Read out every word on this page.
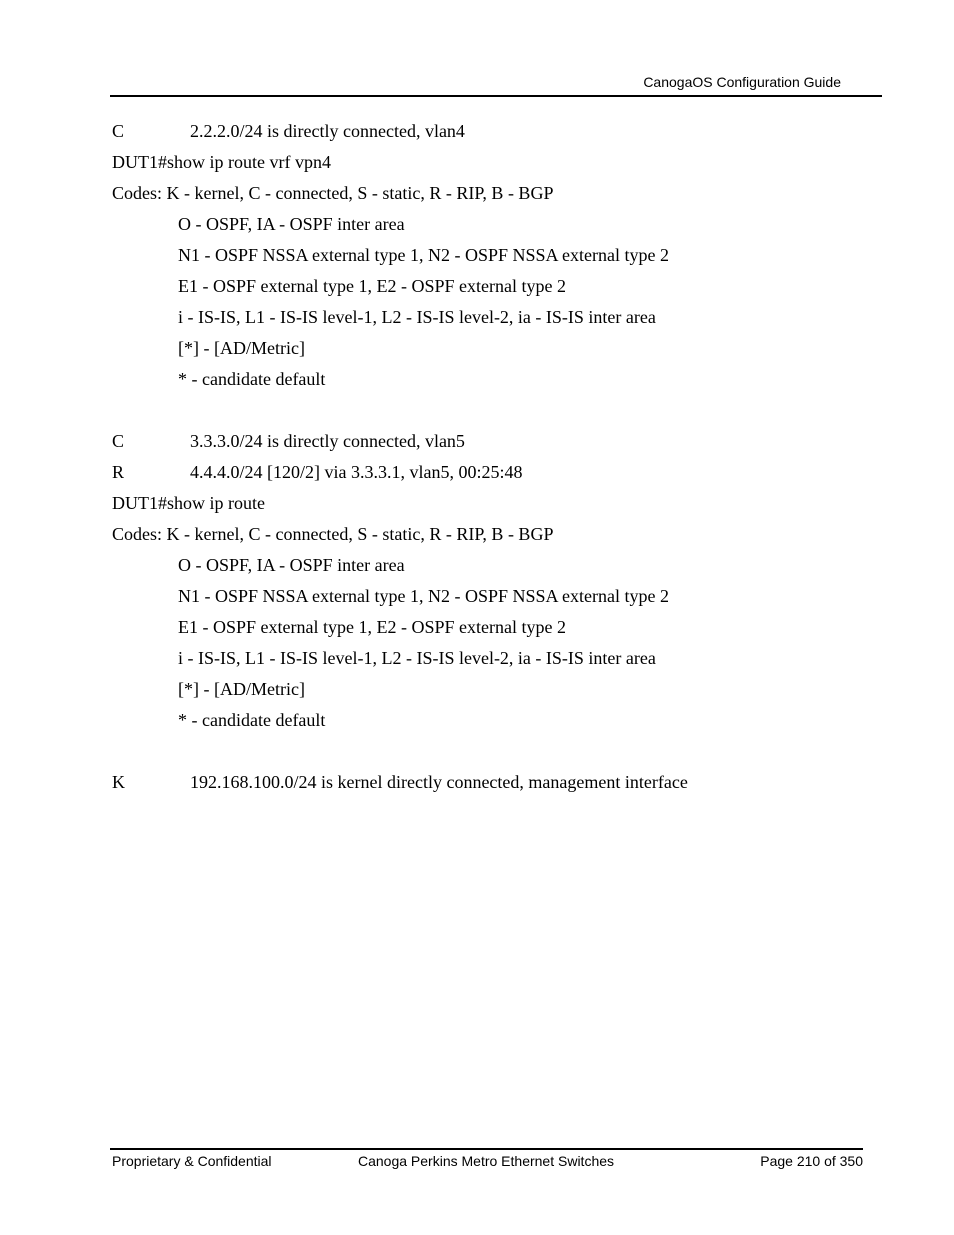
CanogaOS Configuration Guide
C	2.2.2.0/24 is directly connected, vlan4
DUT1#show ip route vrf vpn4
Codes: K - kernel, C - connected, S - static, R - RIP, B - BGP
O - OSPF, IA - OSPF inter area
N1 - OSPF NSSA external type 1, N2 - OSPF NSSA external type 2
E1 - OSPF external type 1, E2 - OSPF external type 2
i - IS-IS, L1 - IS-IS level-1, L2 - IS-IS level-2, ia - IS-IS inter area
[*] - [AD/Metric]
* - candidate default
C	3.3.3.0/24 is directly connected, vlan5
R	4.4.4.0/24 [120/2] via 3.3.3.1, vlan5, 00:25:48
DUT1#show ip route
Codes: K - kernel, C - connected, S - static, R - RIP, B - BGP
O - OSPF, IA - OSPF inter area
N1 - OSPF NSSA external type 1, N2 - OSPF NSSA external type 2
E1 - OSPF external type 1, E2 - OSPF external type 2
i - IS-IS, L1 - IS-IS level-1, L2 - IS-IS level-2, ia - IS-IS inter area
[*] - [AD/Metric]
* - candidate default
K	192.168.100.0/24 is kernel directly connected, management interface
Proprietary & Confidential	Canoga Perkins Metro Ethernet Switches	Page 210 of 350
